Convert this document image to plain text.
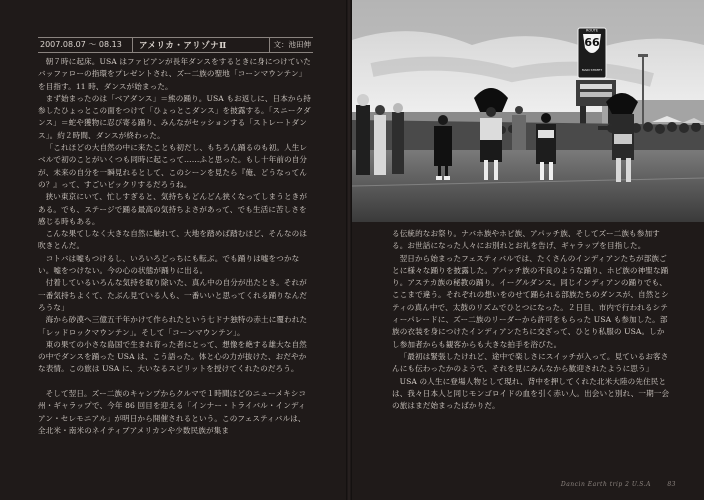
2007.08.07 ～ 08.13	アメリカ・アリゾナⅡ	文：池田伸

朝７時に起床。USA はファビアンが長年ダンスをするときに身につけていたバッファローの指環をプレゼントされ、ズー二族の聖地「コーンマウンテン」を目指す。11 時、ダンスが始まった。

まず始まったのは「ベアダンス」＝熊の踊り。USA もお返しに、日本から持参したひょっとこの面をつけて「ひょっとこダンス」を披露する。「スニークダンス」＝蛇や獲物に忍び寄る踊り、みんながセッションする「ストレートダンス」。約２時間、ダンスが終わった。

「これほどの大自然の中に来たことも初だし、もちろん踊るのも初。人生レベルで初のことがいくつも同時に起こって……ふと思った。もし十年前の自分が、未来の自分を一瞬見れるとして、このシーンを見たら『俺、どうなってんの？』って、すごいビックリするだろうね。

狭い東京にいて、忙しすぎると、気持ちもどんどん狭くなってしまうときがある。でも、ステージで踊る最高の気持ちよさがあって、でも生活に苦しさを感じる時もある。

こんな果てしなく大きな自然に触れて、大地を踏めば踏むほど、そんなのは吹きとんだ。

コトバは嘘もつけるし、いろいろどっちにも転ぶ。でも踊りは嘘をつかない。嘘をつけない。今の心の状態が踊りに出る。

付着しているいろんな気持を取り除いた、真ん中の自分が出たとき。それが一番気持ちよくて、たぶん見ている人も、一番いいと思ってくれる踊りなんだろうな」

海から砂漠へ三億五千年かけて作られたという七ドナ独特の赤土に覆われた「レッドロックマウンテン」。そして「コーンマウンテン」。

東の果ての小さな島国で生まれ育った者にとって、想像を絶する雄大な自然の中でダンスを踊った USA は、こう語った。体と心の力が抜けた、おだやかな表情。この旅は USA に、大いなるスピリットを授けてくれたのだろう。

そして翌日。ズー二族のキャンプからクルマで１時間ほどのニューメキシコ州・ギャラップで、今年 86 回目を迎える「インナー・トライバル・インディアン・セレモニアル」が明日から開催されるという。このフェスティバルは、全北米・南米のネイティブアメリカンや少数民族が集ま

ROUTE
66
MAIN STREET

る伝統的なお祭り。ナバホ族やホピ族、アパッチ族、そしてズー二族も参加する。お世話になった人々にお別れとお礼を告げ、ギャラップを目指した。

翌日から始まったフェスティバルでは、たくさんのインディアンたちが部族ごとに様々な踊りを披露した。アパッチ族の不良のような踊り、ホピ族の神聖な踊り。アステカ族の秘教の踊り。イーグルダンス。同じインディアンの踊りでも、ここまで違う。それぞれの想いをのせて踊られる部族たちのダンスが、自然とシティの真ん中で、太鼓のリズムでひとつになった。２日目、市内で行われるシティーパレードに、ズー二族のリーダーから許可をもらった USA も参加した。部族の衣装を身につけたインディアンたちに交ざって、ひとり私服の USA。しかし参加者からも観客からも大きな拍手を浴びた。

「最初は緊張したけれど、途中で楽しさにスイッチが入って。見ているお客さんにも伝わったかのようで、それを見にみんなから歓迎されたように思う」

USA の人生に登場人物として現れ、背中を押してくれた北米大陸の先住民とは、我々日本人と同じモンゴロイドの血を引く赤い人。出会いと別れ、一期一会の旅はまだ始まったばかりだ。

Dancin Earth trip 2 U.S.A	83
